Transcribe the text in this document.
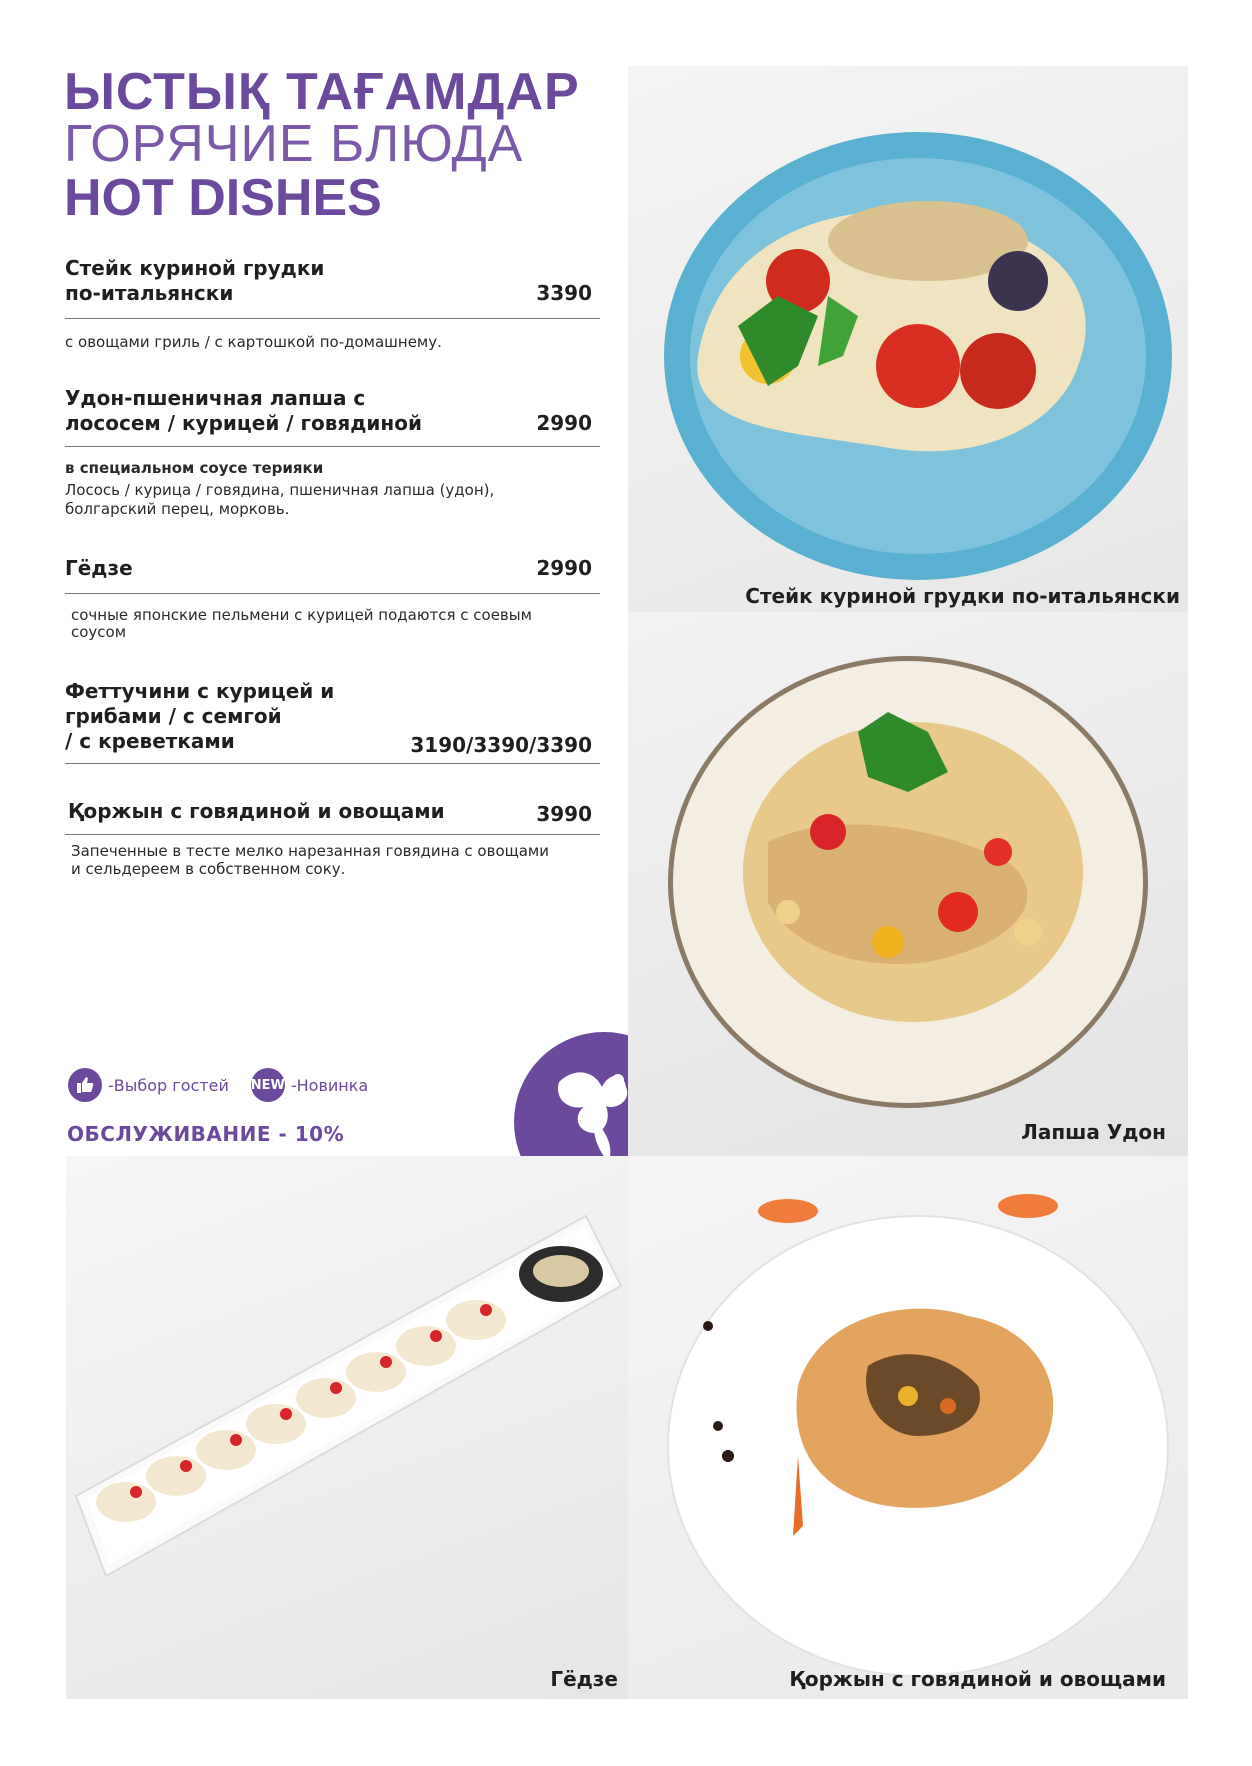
ЫСТЫҚ ТАҒАМДАР
ГОРЯЧИЕ БЛЮДА
HOT DISHES
Стейк куриной грудки
по-итальянски	3390
с овощами гриль / с картошкой по-домашнему.
Удон-пшеничная лапша с
лососем / курицей / говядиной	2990
в специальном соусе терияки
Лосось / курица / говядина, пшеничная лапша (удон),
болгарский перец, морковь.
Гёдзе	2990
сочные японские пельмени с курицей подаются с соевым
соусом
Феттучини с курицей и
грибами / с семгой
/ с креветками	3190/3390/3390
Қоржын с говядиной и овощами	3990
Запеченные в тесте мелко нарезанная говядина с овощами
и сельдереем в собственном соку.
-Выбор гостей NEW -Новинка
ОБСЛУЖИВАНИЕ - 10%
Стейк куриной грудки по-итальянски
Лапша Удон
Гёдзе	Қоржын с говядиной и овощами
